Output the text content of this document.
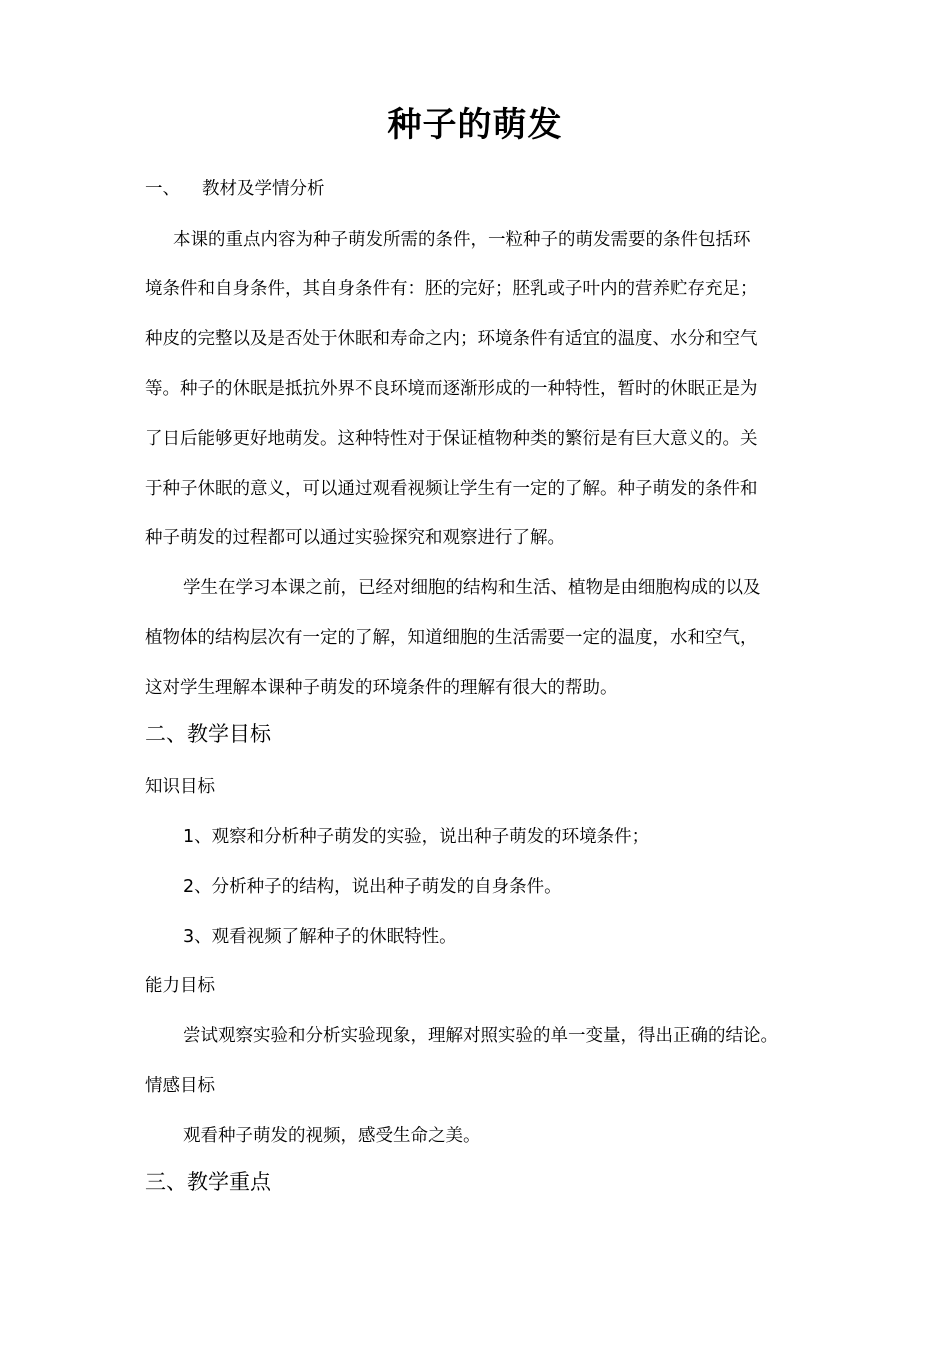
种子的萌发
一、 教材及学情分析
本课的重点内容为种子萌发所需的条件，一粒种子的萌发需要的条件包括环
境条件和自身条件，其自身条件有：胚的完好；胚乳或子叶内的营养贮存充足；
种皮的完整以及是否处于休眠和寿命之内；环境条件有适宜的温度、水分和空气
等。种子的休眠是抵抗外界不良环境而逐渐形成的一种特性，暂时的休眠正是为
了日后能够更好地萌发。这种特性对于保证植物种类的繁衍是有巨大意义的。关
于种子休眠的意义，可以通过观看视频让学生有一定的了解。种子萌发的条件和
种子萌发的过程都可以通过实验探究和观察进行了解。
学生在学习本课之前，已经对细胞的结构和生活、植物是由细胞构成的以及
植物体的结构层次有一定的了解，知道细胞的生活需要一定的温度，水和空气，
这对学生理解本课种子萌发的环境条件的理解有很大的帮助。
二、教学目标
知识目标
1、观察和分析种子萌发的实验，说出种子萌发的环境条件；
2、分析种子的结构，说出种子萌发的自身条件。
3、观看视频了解种子的休眠特性。
能力目标
尝试观察实验和分析实验现象，理解对照实验的单一变量，得出正确的结论。
情感目标
观看种子萌发的视频，感受生命之美。
三、教学重点
